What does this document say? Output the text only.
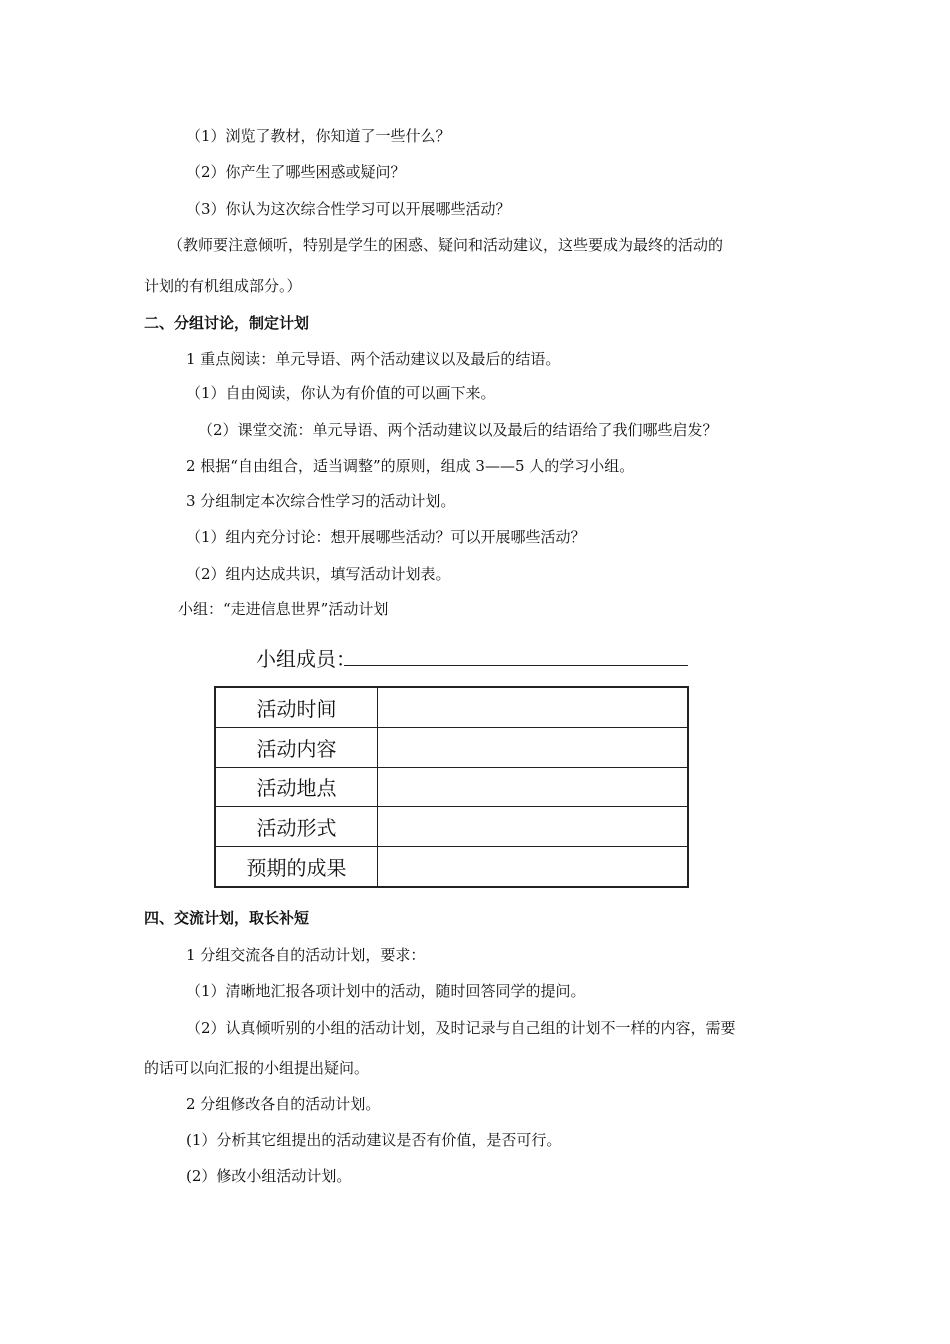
（1）浏览了教材，你知道了一些什么？
（2）你产生了哪些困惑或疑问？
（3）你认为这次综合性学习可以开展哪些活动？
（教师要注意倾听，特别是学生的困惑、疑问和活动建议，这些要成为最终的活动的
计划的有机组成部分。）
二、分组讨论，制定计划
1 重点阅读：单元导语、两个活动建议以及最后的结语。
（1）自由阅读，你认为有价值的可以画下来。
（2）课堂交流：单元导语、两个活动建议以及最后的结语给了我们哪些启发？
2 根据“自由组合，适当调整”的原则，组成 3——5 人的学习小组。
3 分组制定本次综合性学习的活动计划。
（1）组内充分讨论：想开展哪些活动？可以开展哪些活动？
（2）组内达成共识，填写活动计划表。
小组：“走进信息世界”活动计划
小组成员：
活动时间	
活动内容	
活动地点	
活动形式	
预期的成果	
四、交流计划，取长补短
1 分组交流各自的活动计划，要求：
（1）清晰地汇报各项计划中的活动，随时回答同学的提问。
（2）认真倾听别的小组的活动计划，及时记录与自己组的计划不一样的内容，需要
的话可以向汇报的小组提出疑问。
2 分组修改各自的活动计划。
(1）分析其它组提出的活动建议是否有价值，是否可行。
(2）修改小组活动计划。
